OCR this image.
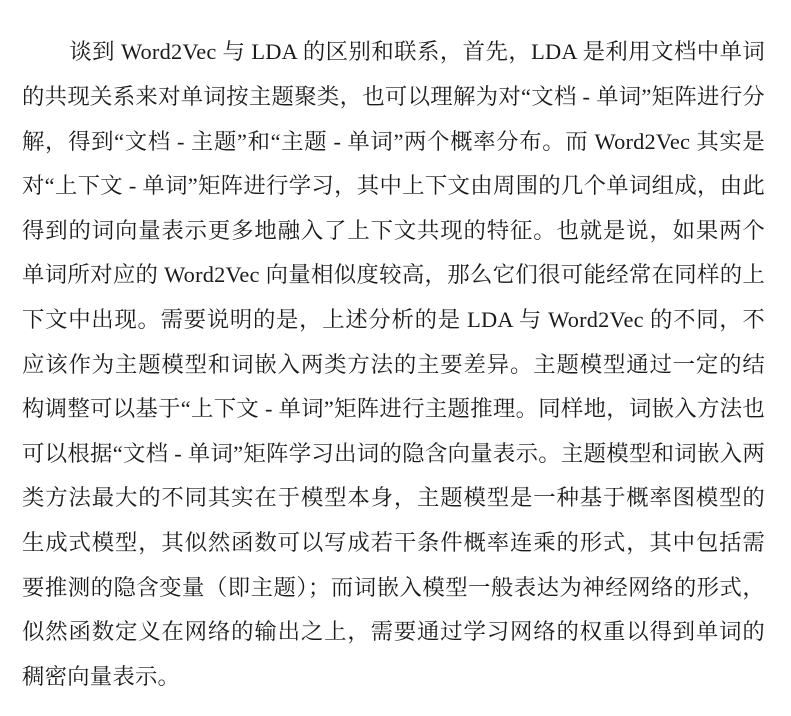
谈到 Word2Vec 与 LDA 的区别和联系，首先，LDA 是利用文档中单词的共现关系来对单词按主题聚类，也可以理解为对“文档 - 单词”矩阵进行分解，得到“文档 - 主题”和“主题 - 单词”两个概率分布。而 Word2Vec 其实是对“上下文 - 单词”矩阵进行学习，其中上下文由周围的几个单词组成，由此得到的词向量表示更多地融入了上下文共现的特征。也就是说，如果两个单词所对应的 Word2Vec 向量相似度较高，那么它们很可能经常在同样的上下文中出现。需要说明的是，上述分析的是 LDA 与 Word2Vec 的不同，不应该作为主题模型和词嵌入两类方法的主要差异。主题模型通过一定的结构调整可以基于“上下文 - 单词”矩阵进行主题推理。同样地，词嵌入方法也可以根据“文档 - 单词”矩阵学习出词的隐含向量表示。主题模型和词嵌入两类方法最大的不同其实在于模型本身，主题模型是一种基于概率图模型的生成式模型，其似然函数可以写成若干条件概率连乘的形式，其中包括需要推测的隐含变量（即主题）；而词嵌入模型一般表达为神经网络的形式，似然函数定义在网络的输出之上，需要通过学习网络的权重以得到单词的稠密向量表示。
